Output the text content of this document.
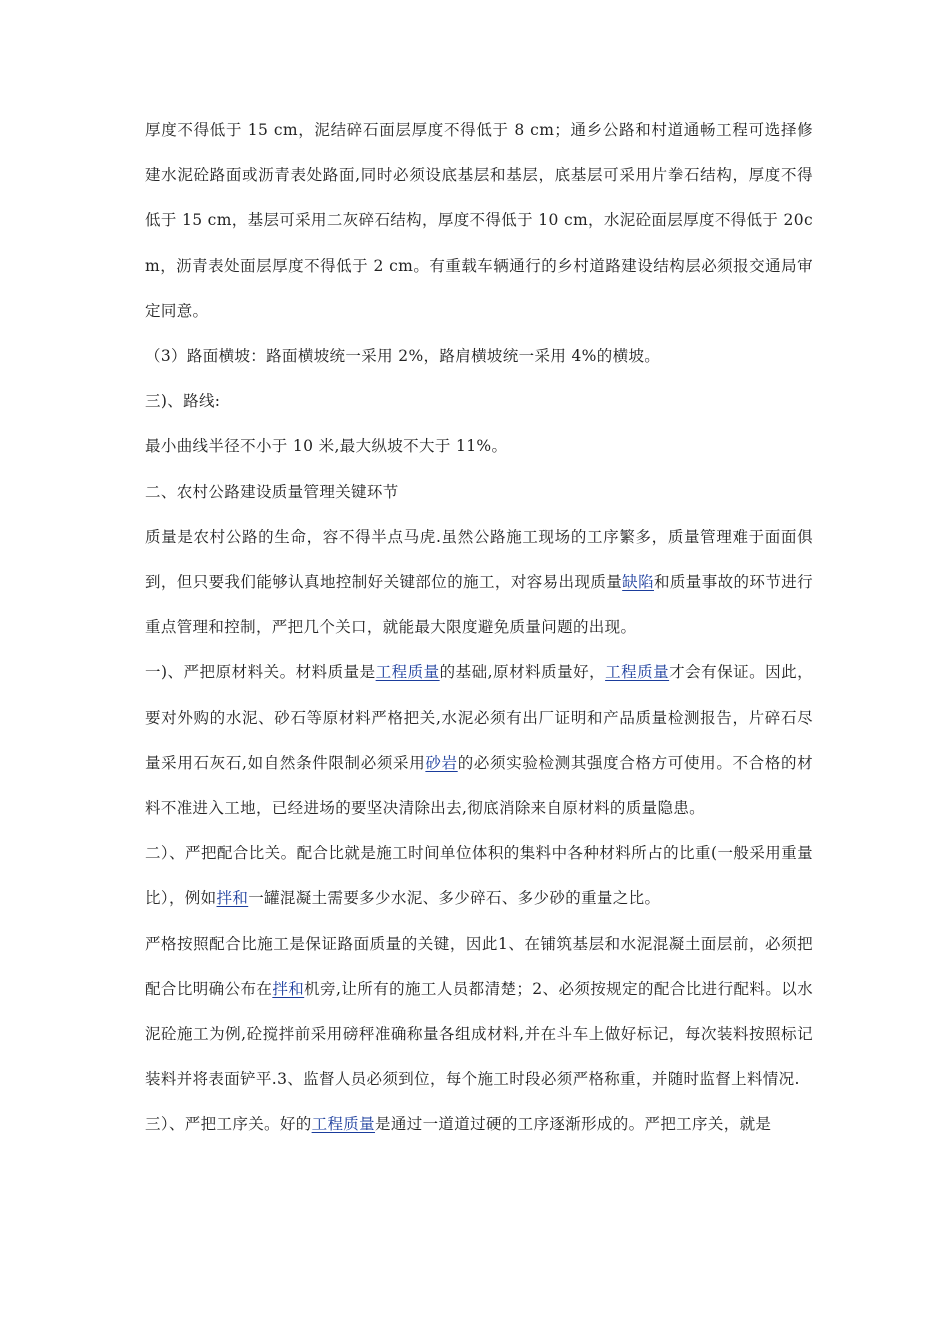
厚度不得低于 15 cm，泥结碎石面层厚度不得低于 8 cm；通乡公路和村道通畅工程可选择修建水泥砼路面或沥青表处路面,同时必须设底基层和基层，底基层可采用片拳石结构，厚度不得低于 15 cm，基层可采用二灰碎石结构，厚度不得低于 10 cm，水泥砼面层厚度不得低于 20cm，沥青表处面层厚度不得低于 2 cm。有重载车辆通行的乡村道路建设结构层必须报交通局审定同意。

（3）路面横坡：路面横坡统一采用 2%，路肩横坡统一采用 4%的横坡。

三)、路线:

最小曲线半径不小于 10 米,最大纵坡不大于 11%。

二、农村公路建设质量管理关键环节

质量是农村公路的生命，容不得半点马虎.虽然公路施工现场的工序繁多，质量管理难于面面俱到，但只要我们能够认真地控制好关键部位的施工，对容易出现质量缺陷和质量事故的环节进行重点管理和控制，严把几个关口，就能最大限度避免质量问题的出现。

一)、严把原材料关。材料质量是工程质量的基础,原材料质量好，工程质量才会有保证。因此，要对外购的水泥、砂石等原材料严格把关,水泥必须有出厂证明和产品质量检测报告，片碎石尽量采用石灰石,如自然条件限制必须采用砂岩的必须实验检测其强度合格方可使用。不合格的材料不准进入工地，已经进场的要坚决清除出去,彻底消除来自原材料的质量隐患。

二）、严把配合比关。配合比就是施工时间单位体积的集料中各种材料所占的比重(一般采用重量比），例如拌和一罐混凝土需要多少水泥、多少碎石、多少砂的重量之比。

严格按照配合比施工是保证路面质量的关键，因此1、在铺筑基层和水泥混凝土面层前，必须把配合比明确公布在拌和机旁,让所有的施工人员都清楚；2、必须按规定的配合比进行配料。以水泥砼施工为例,砼搅拌前采用磅秤准确称量各组成材料,并在斗车上做好标记，每次装料按照标记装料并将表面铲平.3、监督人员必须到位，每个施工时段必须严格称重，并随时监督上料情况.

三）、严把工序关。好的工程质量是通过一道道过硬的工序逐渐形成的。严把工序关，就是
